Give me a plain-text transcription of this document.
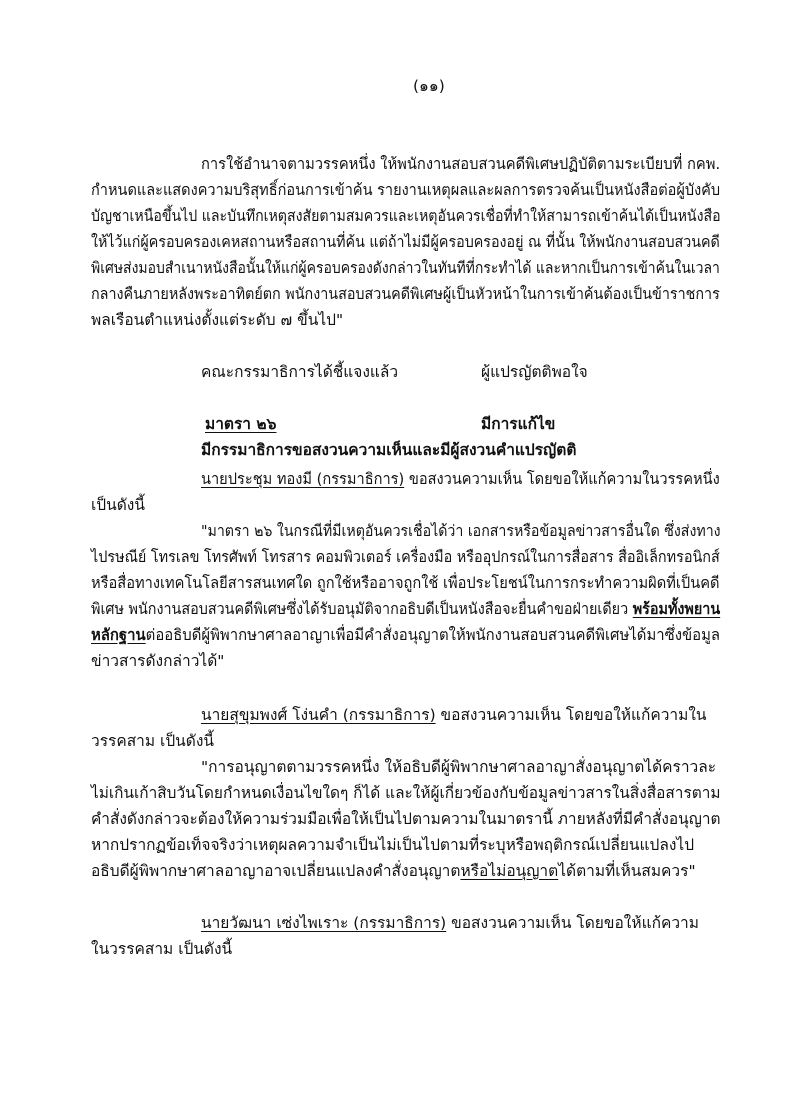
(๑๑)
การใช้อำนาจตามวรรคหนึ่ง ให้พนักงานสอบสวนคดีพิเศษปฏิบัติตามระเบียบที่ กคพ.
กำหนดและแสดงความบริสุทธิ์ก่อนการเข้าค้น รายงานเหตุผลและผลการตรวจค้นเป็นหนังสือต่อผู้บังคับ
บัญชาเหนือขึ้นไป และบันทึกเหตุสงสัยตามสมควรและเหตุอันควรเชื่อที่ทำให้สามารถเข้าค้นได้เป็นหนังสือ
ให้ไว้แก่ผู้ครอบครองเคหสถานหรือสถานที่ค้น แต่ถ้าไม่มีผู้ครอบครองอยู่ ณ ที่นั้น ให้พนักงานสอบสวนคดี
พิเศษส่งมอบสำเนาหนังสือนั้นให้แก่ผู้ครอบครองดังกล่าวในทันทีที่กระทำได้ และหากเป็นการเข้าค้นในเวลา
กลางคืนภายหลังพระอาทิตย์ตก พนักงานสอบสวนคดีพิเศษผู้เป็นหัวหน้าในการเข้าค้นต้องเป็นข้าราชการ
พลเรือนตำแหน่งตั้งแต่ระดับ ๗ ขึ้นไป"
คณะกรรมาธิการได้ชี้แจงแล้ว	ผู้แปรญัตติพอใจ
มาตรา ๒๖	มีการแก้ไข
มีกรรมาธิการขอสงวนความเห็นและมีผู้สงวนคำแปรญัตติ
นายประชุม ทองมี (กรรมาธิการ) ขอสงวนความเห็น โดยขอให้แก้ความในวรรคหนึ่ง
เป็นดังนี้
"มาตรา ๒๖ ในกรณีที่มีเหตุอันควรเชื่อได้ว่า เอกสารหรือข้อมูลข่าวสารอื่นใด ซึ่งส่งทาง
ไปรษณีย์ โทรเลข โทรศัพท์ โทรสาร คอมพิวเตอร์ เครื่องมือ หรืออุปกรณ์ในการสื่อสาร สื่ออิเล็กทรอนิกส์
หรือสื่อทางเทคโนโลยีสารสนเทศใด ถูกใช้หรืออาจถูกใช้ เพื่อประโยชน์ในการกระทำความผิดที่เป็นคดี
พิเศษ พนักงานสอบสวนคดีพิเศษซึ่งได้รับอนุมัติจากอธิบดีเป็นหนังสือจะยื่นคำขอฝ่ายเดียว พร้อมทั้งพยาน
หลักฐานต่ออธิบดีผู้พิพากษาศาลอาญาเพื่อมีคำสั่งอนุญาตให้พนักงานสอบสวนคดีพิเศษได้มาซึ่งข้อมูล
ข่าวสารดังกล่าวได้"
นายสุขุมพงศ์ โง่นคำ (กรรมาธิการ) ขอสงวนความเห็น โดยขอให้แก้ความใน
วรรคสาม เป็นดังนี้
"การอนุญาตตามวรรคหนึ่ง ให้อธิบดีผู้พิพากษาศาลอาญาสั่งอนุญาตได้คราวละ
ไม่เกินเก้าสิบวันโดยกำหนดเงื่อนไขใดๆ ก็ได้ และให้ผู้เกี่ยวข้องกับข้อมูลข่าวสารในสิ่งสื่อสารตาม
คำสั่งดังกล่าวจะต้องให้ความร่วมมือเพื่อให้เป็นไปตามความในมาตรานี้ ภายหลังที่มีคำสั่งอนุญาต
หากปรากฏข้อเท็จจริงว่าเหตุผลความจำเป็นไม่เป็นไปตามที่ระบุหรือพฤติกรณ์เปลี่ยนแปลงไป
อธิบดีผู้พิพากษาศาลอาญาอาจเปลี่ยนแปลงคำสั่งอนุญาตหรือไม่อนุญาตได้ตามที่เห็นสมควร"
นายวัฒนา เซ่งไพเราะ (กรรมาธิการ) ขอสงวนความเห็น โดยขอให้แก้ความ
ในวรรคสาม เป็นดังนี้
